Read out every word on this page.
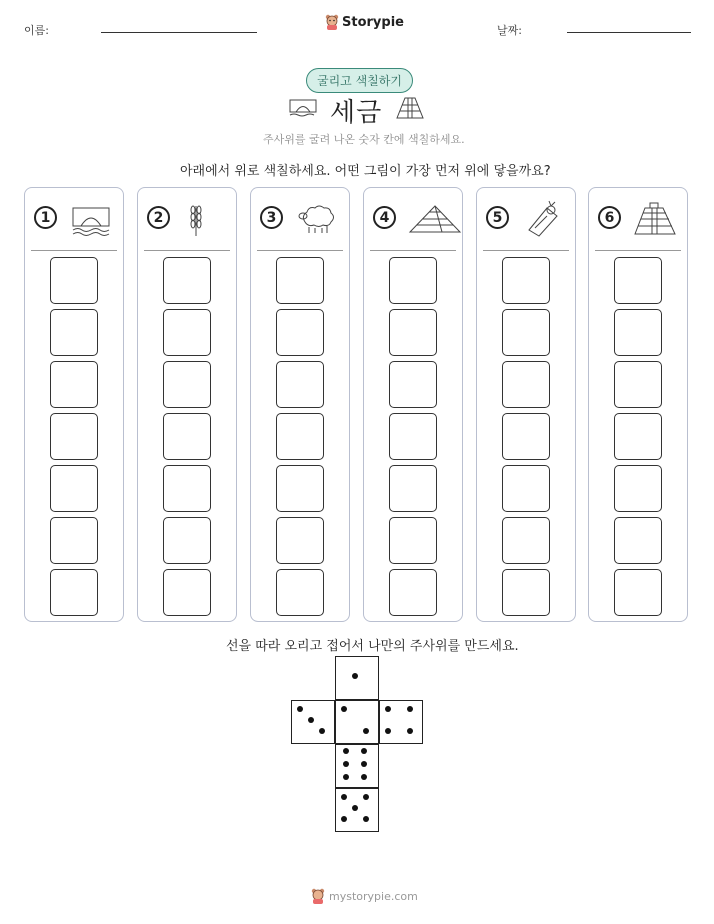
이름:
Storypie
날짜:
굴리고 색칠하기
세금
주사위를 굴려 나온 숫자 칸에 색칠하세요.
아래에서 위로 색칠하세요. 어떤 그림이 가장 먼저 위에 닿을까요?
1	2	3	4	5	6
선을 따라 오리고 접어서 나만의 주사위를 만드세요.
mystorypie.com
